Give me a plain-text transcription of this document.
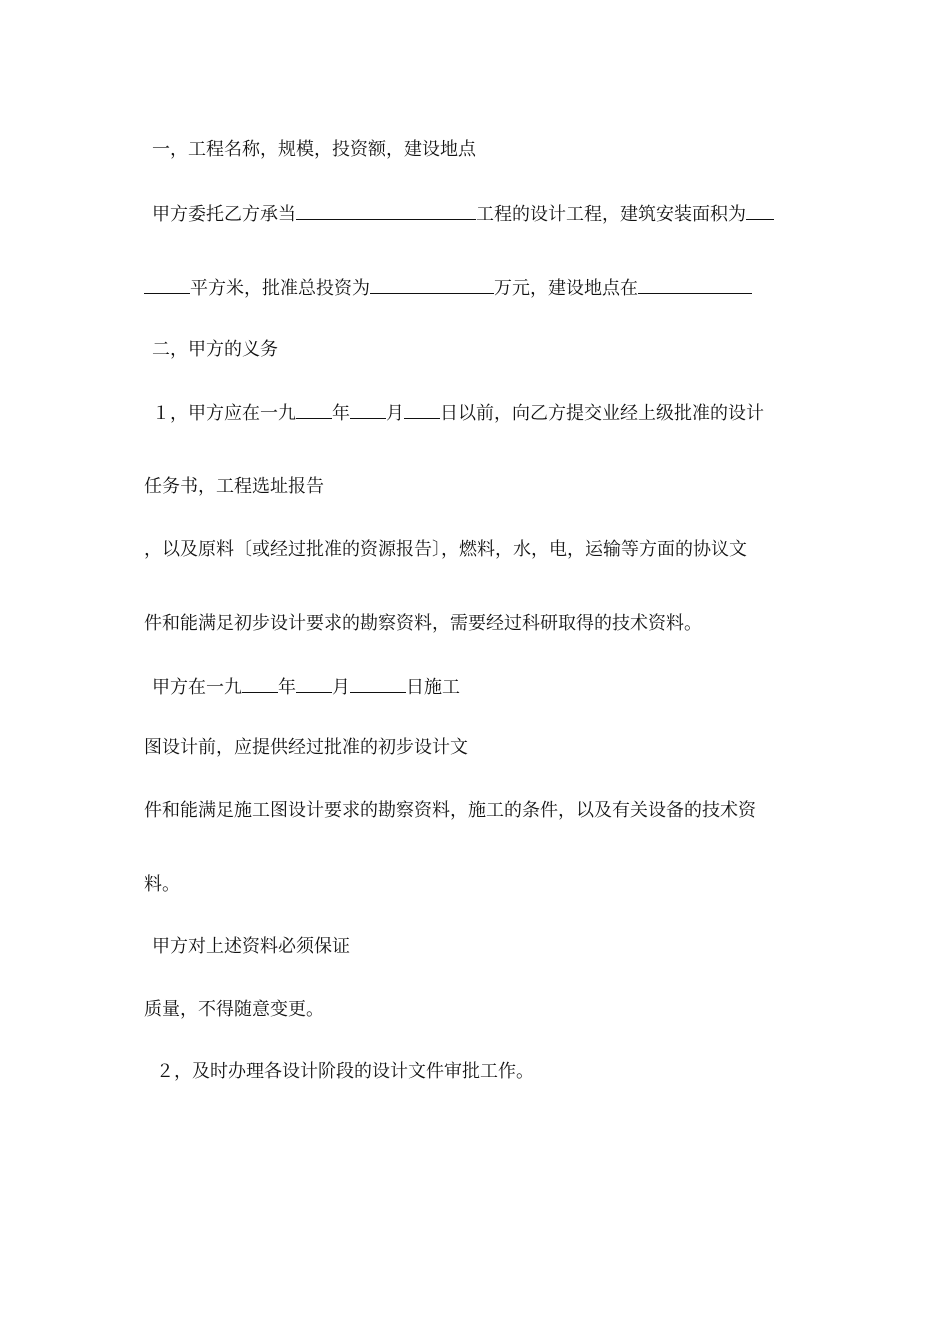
一，工程名称，规模，投资额，建设地点
甲方委托乙方承当	工程的设计工程，建筑安装面积为
平方米，批准总投资为	万元，建设地点在
二，甲方的义务
１，甲方应在一九 年 月 日以前，向乙方提交业经上级批准的设计
任务书，工程选址报告
，以及原料〔或经过批准的资源报告〕，燃料，水，电，运输等方面的协议文
件和能满足初步设计要求的勘察资料，需要经过科研取得的技术资料。
甲方在一九 年 月	日施工
图设计前，应提供经过批准的初步设计文
件和能满足施工图设计要求的勘察资料，施工的条件，以及有关设备的技术资
料。
甲方对上述资料必须保证
质量，不得随意变更。
２，及时办理各设计阶段的设计文件审批工作。
